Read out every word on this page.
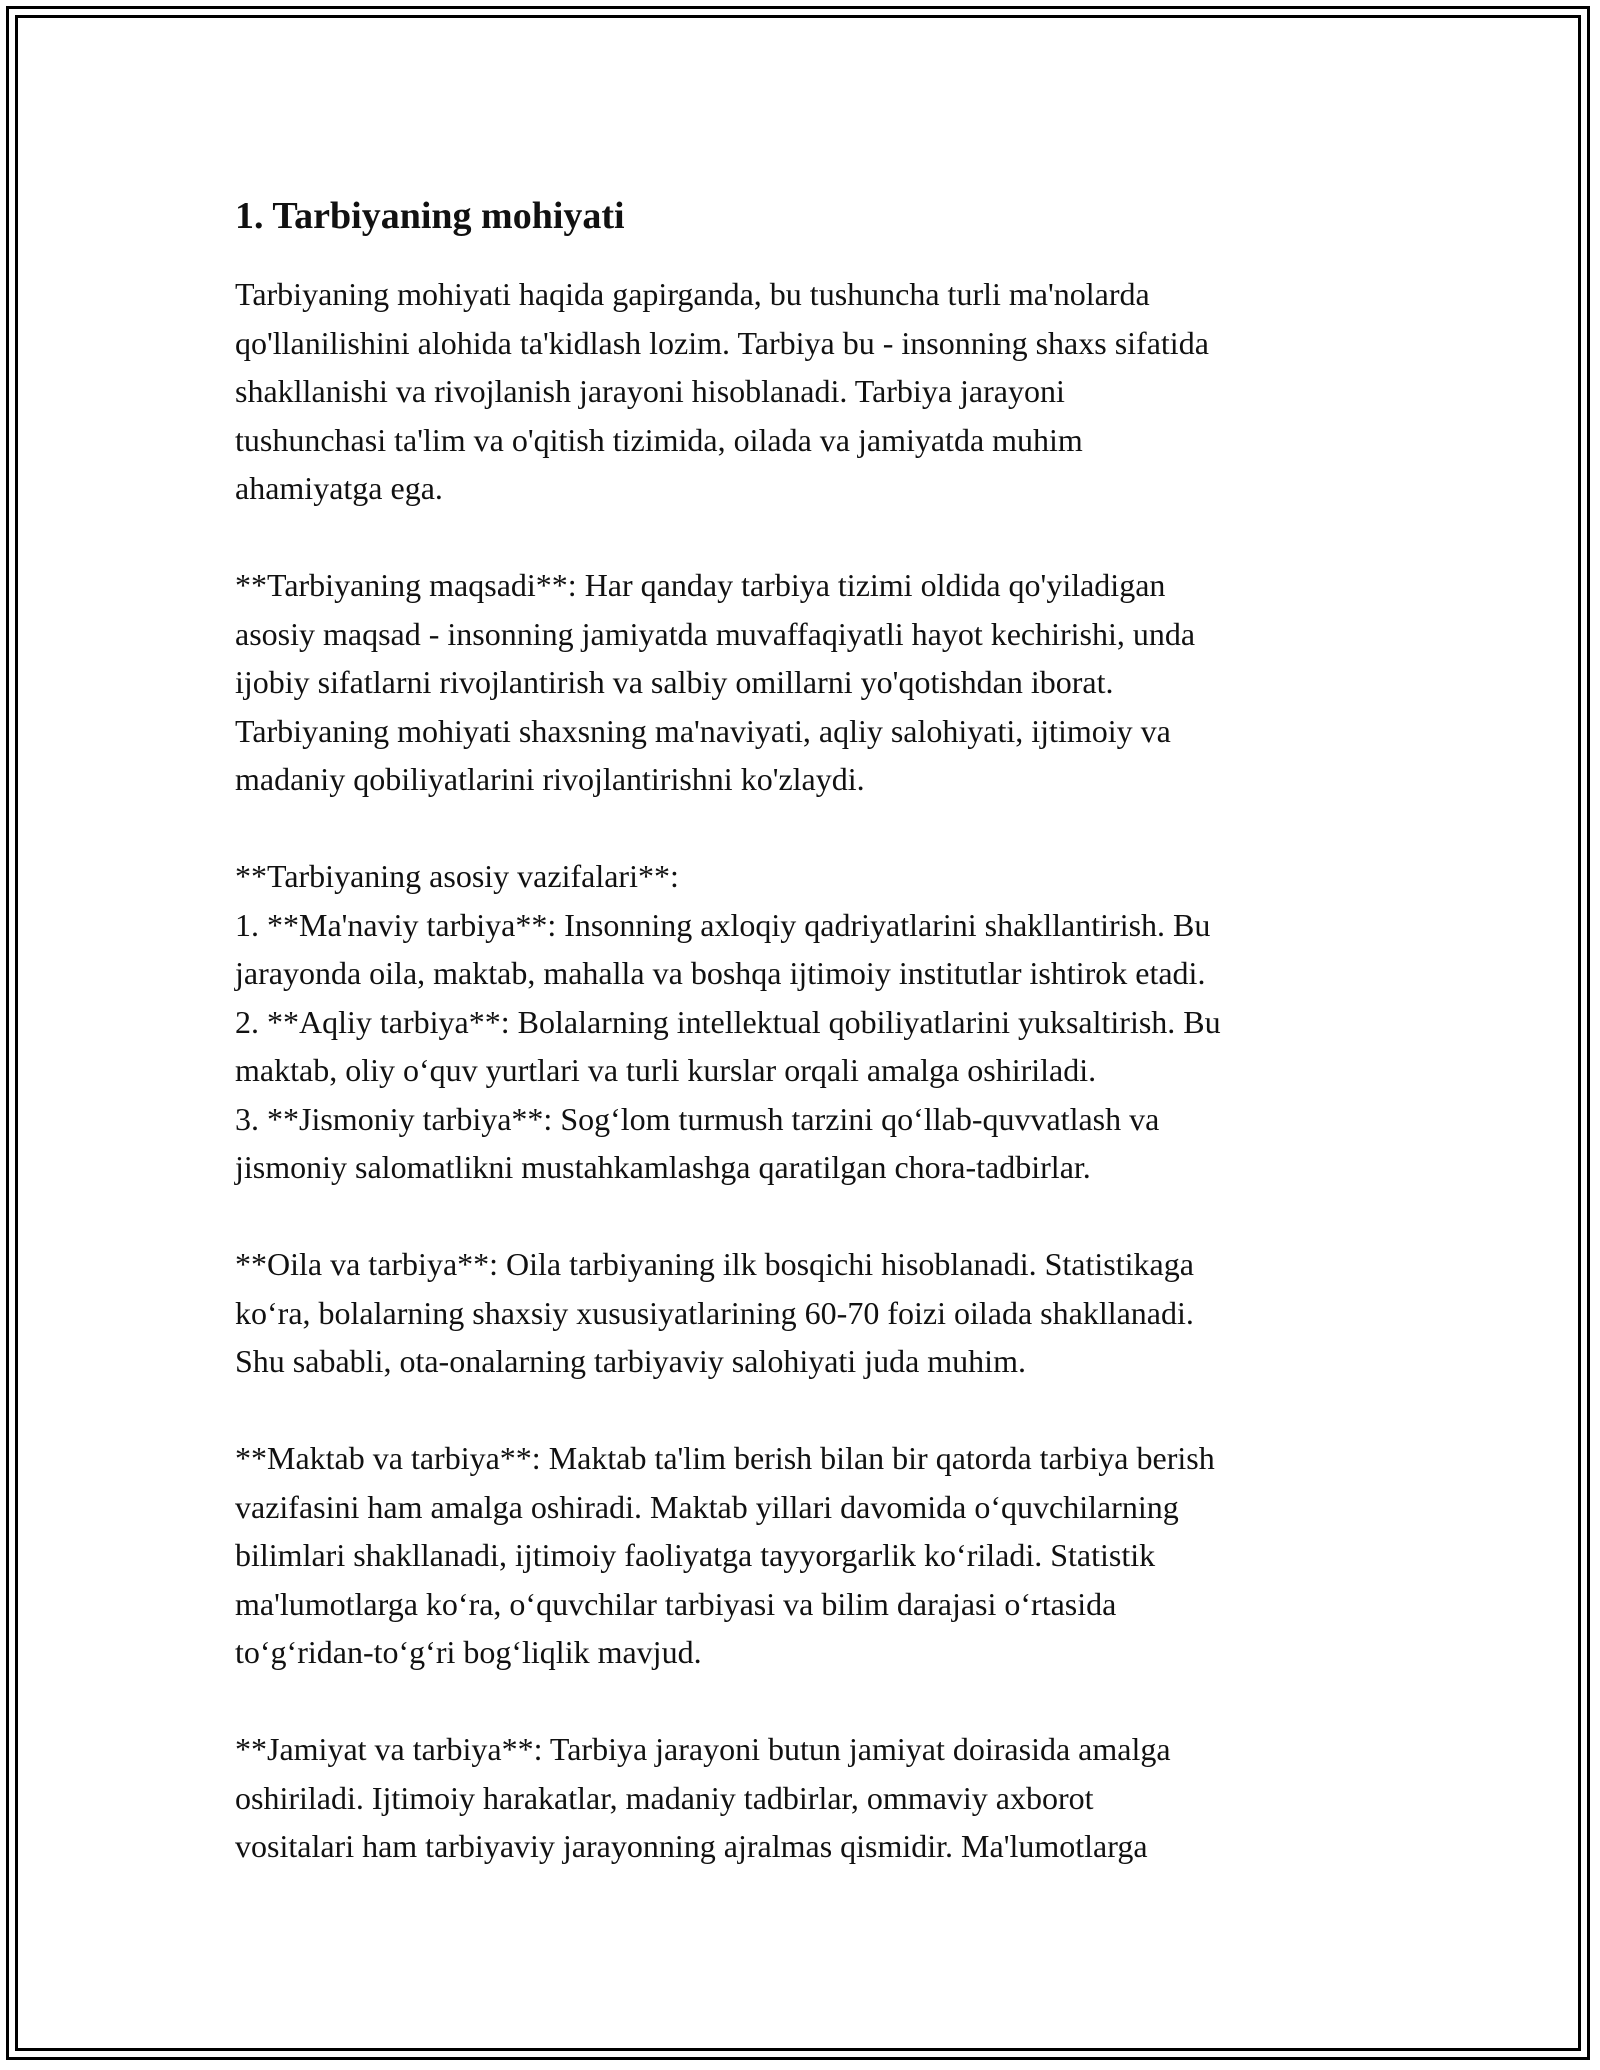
1. Tarbiyaning mohiyati
Tarbiyaning mohiyati haqida gapirganda, bu tushuncha turli ma'nolarda
qo'llanilishini alohida ta'kidlash lozim. Tarbiya bu - insonning shaxs sifatida
shakllanishi va rivojlanish jarayoni hisoblanadi. Tarbiya jarayoni
tushunchasi ta'lim va o'qitish tizimida, oilada va jamiyatda muhim
ahamiyatga ega.
**Tarbiyaning maqsadi**: Har qanday tarbiya tizimi oldida qo'yiladigan
asosiy maqsad - insonning jamiyatda muvaffaqiyatli hayot kechirishi, unda
ijobiy sifatlarni rivojlantirish va salbiy omillarni yo'qotishdan iborat.
Tarbiyaning mohiyati shaxsning ma'naviyati, aqliy salohiyati, ijtimoiy va
madaniy qobiliyatlarini rivojlantirishni ko'zlaydi.
**Tarbiyaning asosiy vazifalari**:
1. **Ma'naviy tarbiya**: Insonning axloqiy qadriyatlarini shakllantirish. Bu
jarayonda oila, maktab, mahalla va boshqa ijtimoiy institutlar ishtirok etadi.
2. **Aqliy tarbiya**: Bolalarning intellektual qobiliyatlarini yuksaltirish. Bu
maktab, oliy o‘quv yurtlari va turli kurslar orqali amalga oshiriladi.
3. **Jismoniy tarbiya**: Sog‘lom turmush tarzini qo‘llab-quvvatlash va
jismoniy salomatlikni mustahkamlashga qaratilgan chora-tadbirlar.
**Oila va tarbiya**: Oila tarbiyaning ilk bosqichi hisoblanadi. Statistikaga
ko‘ra, bolalarning shaxsiy xususiyatlarining 60-70 foizi oilada shakllanadi.
Shu sababli, ota-onalarning tarbiyaviy salohiyati juda muhim.
**Maktab va tarbiya**: Maktab ta'lim berish bilan bir qatorda tarbiya berish
vazifasini ham amalga oshiradi. Maktab yillari davomida o‘quvchilarning
bilimlari shakllanadi, ijtimoiy faoliyatga tayyorgarlik ko‘riladi. Statistik
ma'lumotlarga ko‘ra, o‘quvchilar tarbiyasi va bilim darajasi o‘rtasida
to‘g‘ridan-to‘g‘ri bog‘liqlik mavjud.
**Jamiyat va tarbiya**: Tarbiya jarayoni butun jamiyat doirasida amalga
oshiriladi. Ijtimoiy harakatlar, madaniy tadbirlar, ommaviy axborot
vositalari ham tarbiyaviy jarayonning ajralmas qismidir. Ma'lumotlarga
